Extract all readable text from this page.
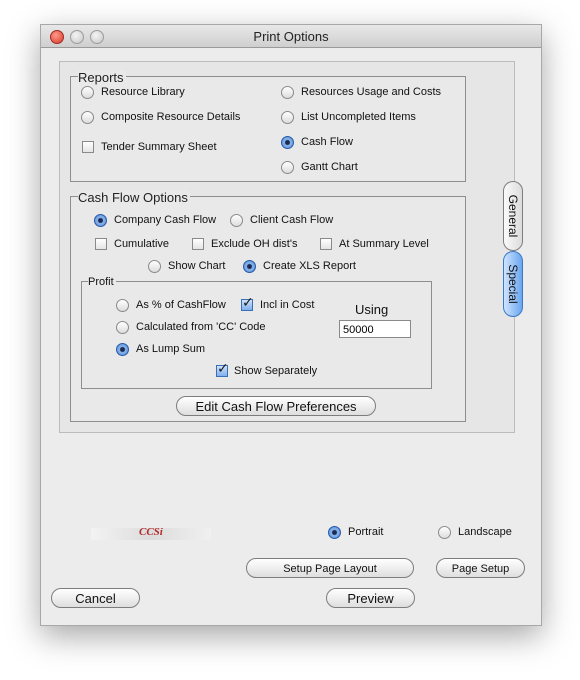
Print Options
Reports
Resource Library
Composite Resource Details
Tender Summary Sheet
Resources Usage and Costs
List Uncompleted Items
Cash Flow
Gantt Chart
Cash Flow Options
Company Cash Flow	Client Cash Flow
Cumulative	Exclude OH dist's	At Summary Level
Show Chart	Create XLS Report
Profit
As % of CashFlow
✓	Incl in Cost	Using
Calculated from 'CC' Code	50000
As Lump Sum
✓
Show Separately
Edit Cash Flow Preferences
General
Special
CCSi	Portrait	Landscape
Setup Page Layout	Page Setup
Cancel	Preview
